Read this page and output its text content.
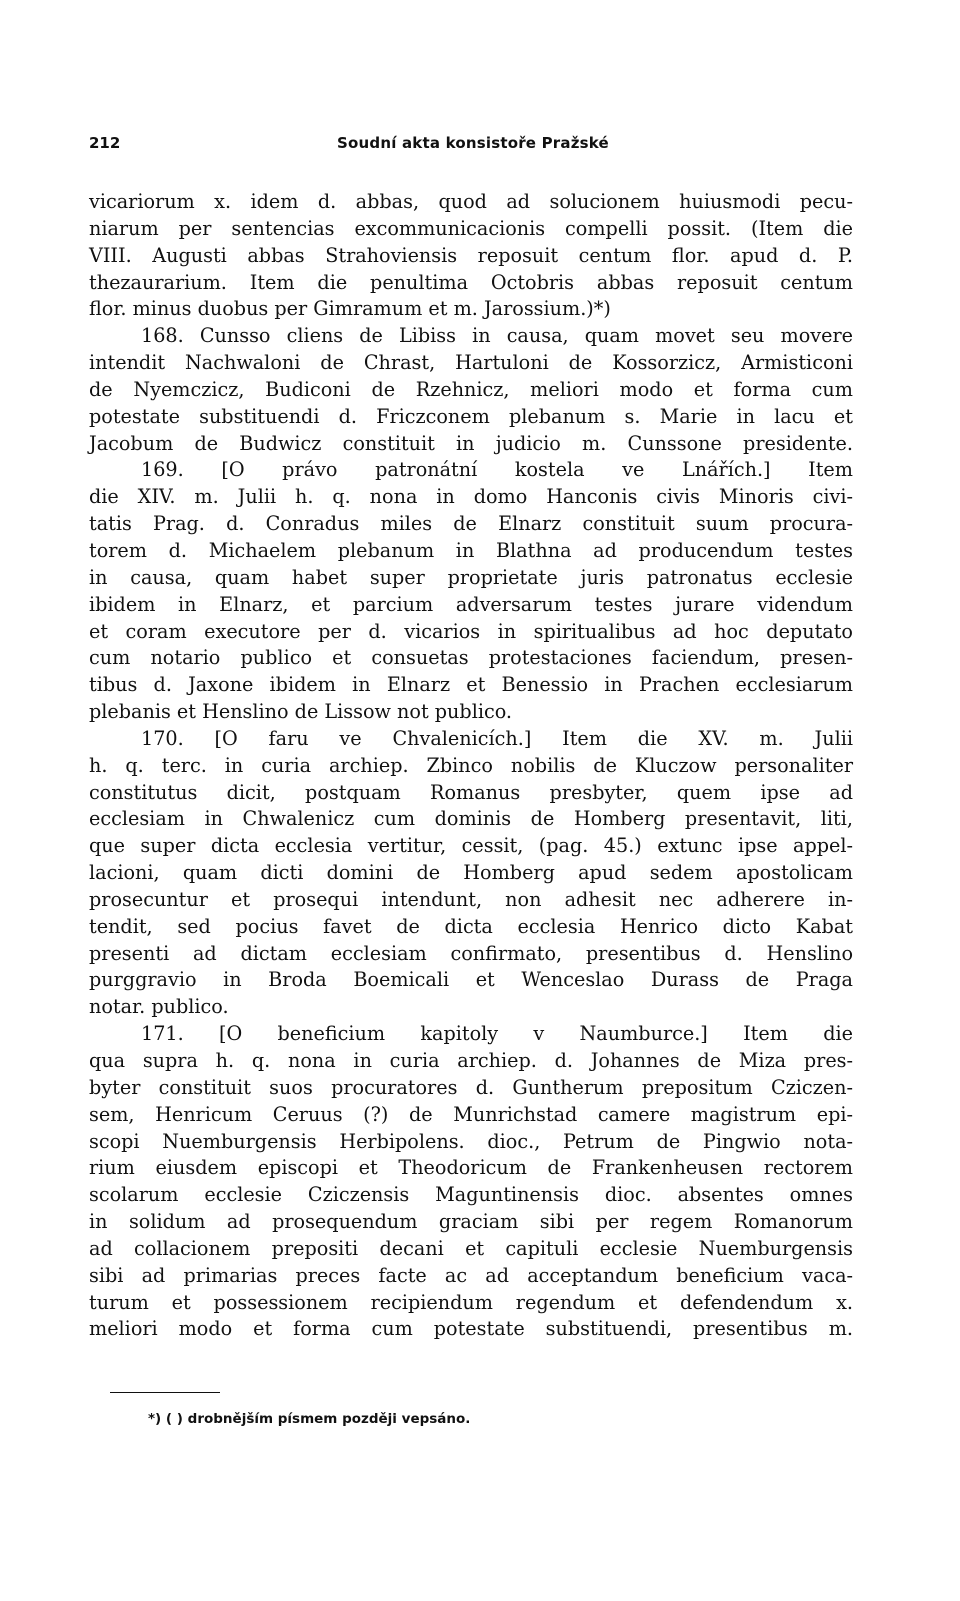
212	Soudní akta konsistoře Pražské
vicariorum x. idem d. abbas, quod ad solucionem huiusmodi pecu-
niarum per sentencias excommunicacionis compelli possit. (Item die
VIII. Augusti abbas Strahoviensis reposuit centum flor. apud d. P.
thezaurarium. Item die penultima Octobris abbas reposuit centum
flor. minus duobus per Gimramum et m. Jarossium.)*)
168. Cunsso cliens de Libiss in causa, quam movet seu movere
intendit Nachwaloni de Chrast, Hartuloni de Kossorzicz, Armisticoni
de Nyemczicz, Budiconi de Rzehnicz, meliori modo et forma cum
potestate substituendi d. Friczconem plebanum s. Marie in lacu et
Jacobum de Budwicz constituit in judicio m. Cunssone presidente.
169. [O právo patronátní kostela ve Lnářích.] Item
die XIV. m. Julii h. q. nona in domo Hanconis civis Minoris civi-
tatis Prag. d. Conradus miles de Elnarz constituit suum procura-
torem d. Michaelem plebanum in Blathna ad producendum testes
in causa, quam habet super proprietate juris patronatus ecclesie
ibidem in Elnarz, et parcium adversarum testes jurare videndum
et coram executore per d. vicarios in spiritualibus ad hoc deputato
cum notario publico et consuetas protestaciones faciendum, presen-
tibus d. Jaxone ibidem in Elnarz et Benessio in Prachen ecclesiarum
plebanis et Henslino de Lissow not publico.
170. [O faru ve Chvalenicích.] Item die XV. m. Julii
h. q. terc. in curia archiep. Zbinco nobilis de Kluczow personaliter
constitutus dicit, postquam Romanus presbyter, quem ipse ad
ecclesiam in Chwalenicz cum dominis de Homberg presentavit, liti,
que super dicta ecclesia vertitur, cessit, (pag. 45.) extunc ipse appel-
lacioni, quam dicti domini de Homberg apud sedem apostolicam
prosecuntur et prosequi intendunt, non adhesit nec adherere in-
tendit, sed pocius favet de dicta ecclesia Henrico dicto Kabat
presenti ad dictam ecclesiam confirmato, presentibus d. Henslino
purggravio in Broda Boemicali et Wenceslao Durass de Praga
notar. publico.
171. [O beneficium kapitoly v Naumburce.] Item die
qua supra h. q. nona in curia archiep. d. Johannes de Miza pres-
byter constituit suos procuratores d. Guntherum prepositum Cziczen-
sem, Henricum Ceruus (?) de Munrichstad camere magistrum epi-
scopi Nuemburgensis Herbipolens. dioc., Petrum de Pingwio nota-
rium eiusdem episcopi et Theodoricum de Frankenheusen rectorem
scolarum ecclesie Cziczensis Maguntinensis dioc. absentes omnes
in solidum ad prosequendum graciam sibi per regem Romanorum
ad collacionem prepositi decani et capituli ecclesie Nuemburgensis
sibi ad primarias preces facte ac ad acceptandum beneficium vaca-
turum et possessionem recipiendum regendum et defendendum x.
meliori modo et forma cum potestate substituendi, presentibus m.
*) ( ) drobnějším písmem později vepsáno.
